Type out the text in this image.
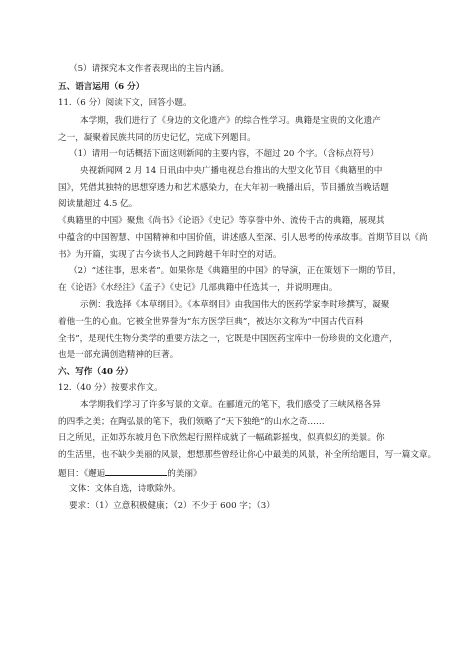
（5）请探究本文作者表现出的主旨内涵。
五、语言运用（6 分）
11.（6 分）阅读下文，回答小题。
本学期，我们进行了《身边的文化遗产》的综合性学习。典籍是宝贵的文化遗产
之一，凝聚着民族共同的历史记忆，完成下列题目。
（1）请用一句话概括下面这则新闻的主要内容，不超过 20 个字。（含标点符号）
央视新闻网 2 月 14 日讯由中央广播电视总台推出的大型文化节目《典籍里的中
国》，凭借其独特的思想穿透力和艺术感染力，在大年初一晚播出后，节目播放当晚话题
阅读量超过 4.5 亿。
《典籍里的中国》聚焦《尚书》《论语》《史记》等享誉中外、流传千古的典籍，展现其
中蕴含的中国智慧、中国精神和中国价值，讲述感人至深、引人思考的传承故事。首期节目以《尚
书》为开篇，实现了古今读书人之间跨越千年时空的对话。
（2）“述往事，思来者”。如果你是《典籍里的中国》的导演，正在策划下一期的节目，
在《论语》《水经注》《孟子》《史记》几部典籍中任选其一，并说明理由。
示例：我选择《本草纲目》。《本草纲目》由我国伟大的医药学家李时珍撰写，凝聚
着他一生的心血。它被全世界誉为“东方医学巨典”，被达尔文称为“中国古代百科
全书”，是现代生物分类学的重要方法之一，它既是中国医药宝库中一份珍贵的文化遗产，
也是一部充满创造精神的巨著。
六、写作（40 分）
12.（40 分）按要求作文。
本学期我们学习了许多写景的文章。在郦道元的笔下，我们感受了三峡风格各异
的四季之美；在陶弘景的笔下，我们领略了“天下独绝”的山水之奇……
日之所见，正如苏东坡月色下欣然起行照样成就了一幅疏影摇曳，似真似幻的美景。你
的生活里，也不缺少美丽的风景，想想那些曾经让你心中最美的风景，补全所给题目，写一篇文章。
题目：《邂逅	的美丽》
文体：文体自选，诗歌除外。
要求：（1）立意积极健康；（2）不少于 600 字；（3）
